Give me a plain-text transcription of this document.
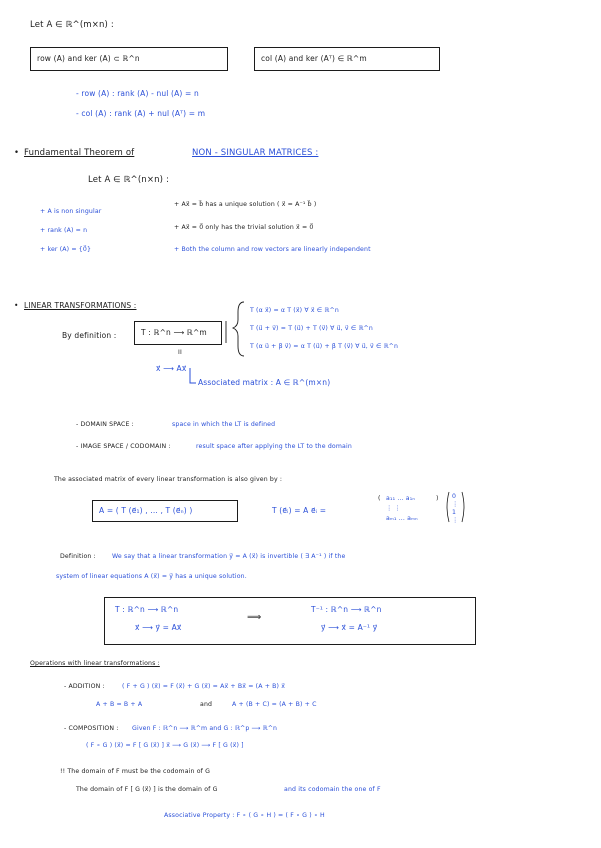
Let A ∈ ℝ^(m×n) :
row (A) and ker (A) ⊂ ℝ^n	col (A) and ker (Aᵀ) ∈ ℝ^m
- row (A) : rank (A) - nul (A) = n
- col (A) : rank (A) + nul (Aᵀ) = m
• Fundamental Theorem of	NON - SINGULAR MATRICES :
Let A ∈ ℝ^(n×n) :
+ A is non singular
+ rank (A) = n
+ ker (A) = {0⃗}
+ Ax⃗ = b⃗ has a unique solution ( x⃗ = A⁻¹ b⃗ )
+ Ax⃗ = 0⃗ only has the trivial solution x⃗ = 0⃗
+ Both the column and row vectors are linearly independent
• LINEAR TRANSFORMATIONS :
By definition :	T : ℝ^n ⟶ ℝ^m
II
x⃗ ⟶ Ax⃗
Associated matrix : A ∈ ℝ^(m×n)
T (α x⃗) = α T (x⃗) ∀ x⃗ ∈ ℝ^n
T (u⃗ + v⃗) = T (u⃗) + T (v⃗) ∀ u⃗, v⃗ ∈ ℝ^n
T (α u⃗ + β v⃗) = α T (u⃗) + β T (v⃗) ∀ u⃗, v⃗ ∈ ℝ^n
- DOMAIN SPACE :	space in which the LT is defined
- IMAGE SPACE / CODOMAIN :	result space after applying the LT to the domain
The associated matrix of every linear transformation is also given by :
A = ( T (e⃗₁) , ... , T (e⃗ₙ) )	T (e⃗ᵢ) = A e⃗ᵢ =
( a₁₁ ... a₁ₙ
⋮ ⋮
aₘ₁ ... aₘₙ
) 0
⋮
1
⋮
Definition :	We say that a linear transformation y⃗ = A (x⃗) is invertible ( ∃ A⁻¹ ) if the
system of linear equations A (x⃗) = y⃗ has a unique solution.
T : ℝ^n ⟶ ℝ^n
x⃗ ⟶ y⃗ = Ax⃗
⟹
T⁻¹ : ℝ^n ⟶ ℝ^n
y⃗ ⟶ x⃗ = A⁻¹ y⃗
Operations with linear transformations :
- ADDITION :	( F + G ) (x⃗) = F (x⃗) + G (x⃗) = Ax⃗ + Bx⃗ = (A + B) x⃗
A + B = B + A	and	A + (B + C) = (A + B) + C
- COMPOSITION : Given F : ℝ^n ⟶ ℝ^m and G : ℝ^p ⟶ ℝ^n
( F ∘ G ) (x⃗) = F [ G (x⃗) ] x⃗ ⟶ G (x⃗) ⟶ F [ G (x⃗) ]
!! The domain of F must be the codomain of G
The domain of F [ G (x⃗) ] is the domain of G	and its codomain the one of F
Associative Property : F ∘ ( G ∘ H ) = ( F ∘ G ) ∘ H
